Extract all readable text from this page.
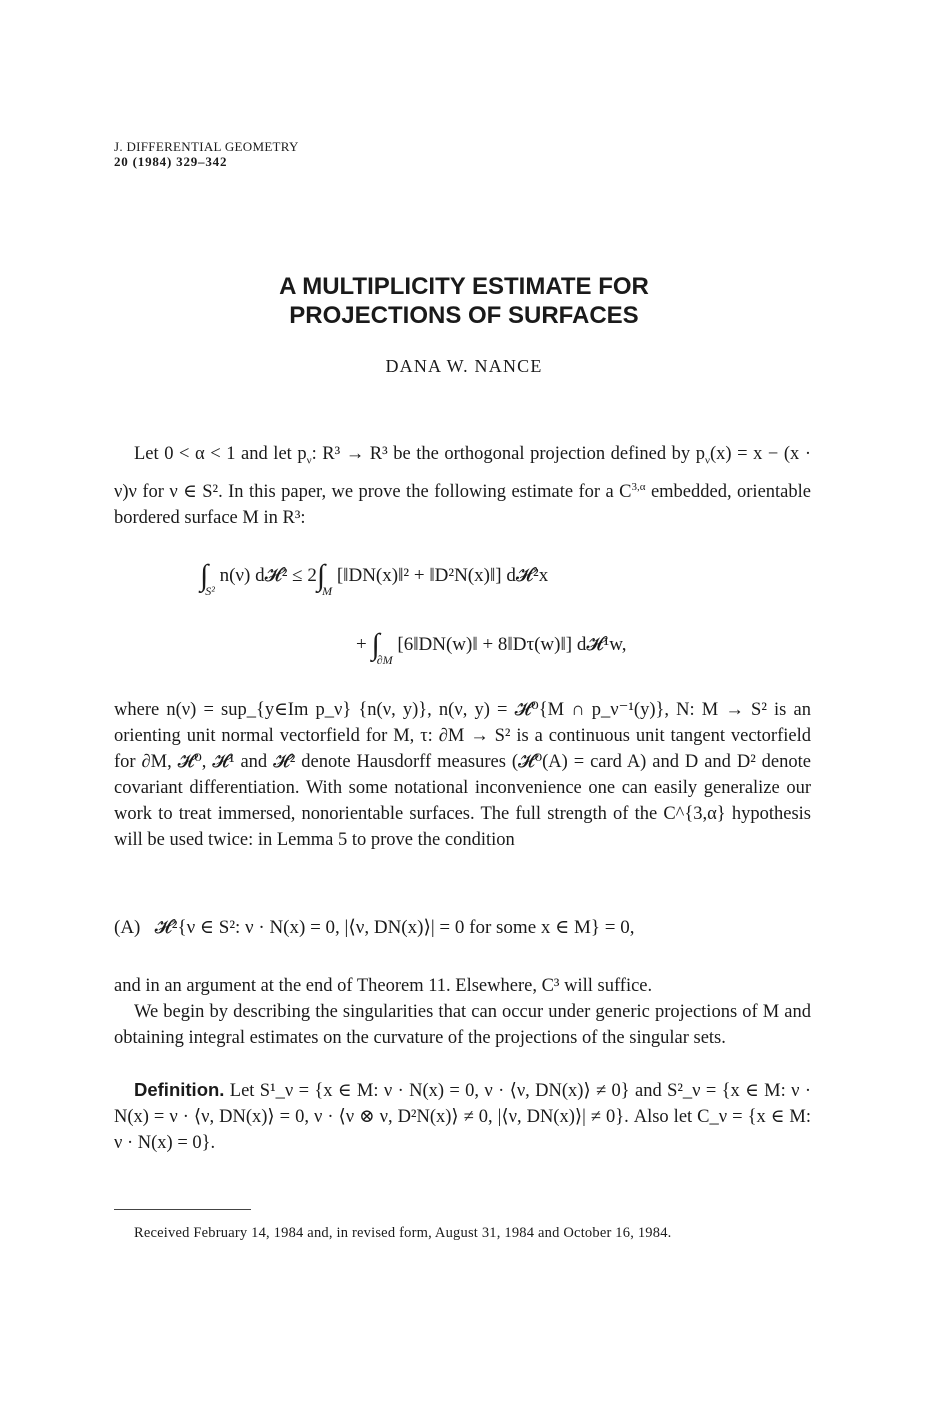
J. DIFFERENTIAL GEOMETRY
20 (1984) 329–342
A MULTIPLICITY ESTIMATE FOR
PROJECTIONS OF SURFACES
DANA W. NANCE
Let 0 < α < 1 and let $p_\nu$: R³ → R³ be the orthogonal projection defined by $p_\nu(x) = x - (x \cdot \nu)\nu$ for ν ∈ S². In this paper, we prove the following estimate for a $C^{3,\alpha}$ embedded, orientable bordered surface M in R³:
$\int_{S^2}$ n(ν) d𝓗² ≤ $2\int_M$ [‖DN(x)‖² + ‖D²N(x)‖] d𝓗²x
+ $\int_{\partial M}$ [6‖DN(w)‖ + 8‖Dτ(w)‖] d𝓗¹w,
where n(ν) = sup_{y∈Im p_ν} {n(ν, y)}, n(ν, y) = 𝓗⁰{M ∩ p_ν⁻¹(y)}, N: M → S² is an orienting unit normal vectorfield for M, τ: ∂M → S² is a continuous unit tangent vectorfield for ∂M, 𝓗⁰, 𝓗¹ and 𝓗² denote Hausdorff measures (𝓗⁰(A) = card A) and D and D² denote covariant differentiation. With some notational inconvenience one can easily generalize our work to treat immersed, nonorientable surfaces. The full strength of the C^{3,α} hypothesis will be used twice: in Lemma 5 to prove the condition
(A) 𝓗²{ν ∈ S²: ν · N(x) = 0, |⟨ν, DN(x)⟩| = 0 for some x ∈ M} = 0,
and in an argument at the end of Theorem 11. Elsewhere, C³ will suffice.
We begin by describing the singularities that can occur under generic projections of M and obtaining integral estimates on the curvature of the projections of the singular sets.
Definition. Let S¹_ν = {x ∈ M: ν · N(x) = 0, ν · ⟨ν, DN(x)⟩ ≠ 0} and S²_ν = {x ∈ M: ν · N(x) = ν · ⟨ν, DN(x)⟩ = 0, ν · ⟨ν ⊗ ν, D²N(x)⟩ ≠ 0, |⟨ν, DN(x)⟩| ≠ 0}. Also let C_ν = {x ∈ M: ν · N(x) = 0}.
Received February 14, 1984 and, in revised form, August 31, 1984 and October 16, 1984.
